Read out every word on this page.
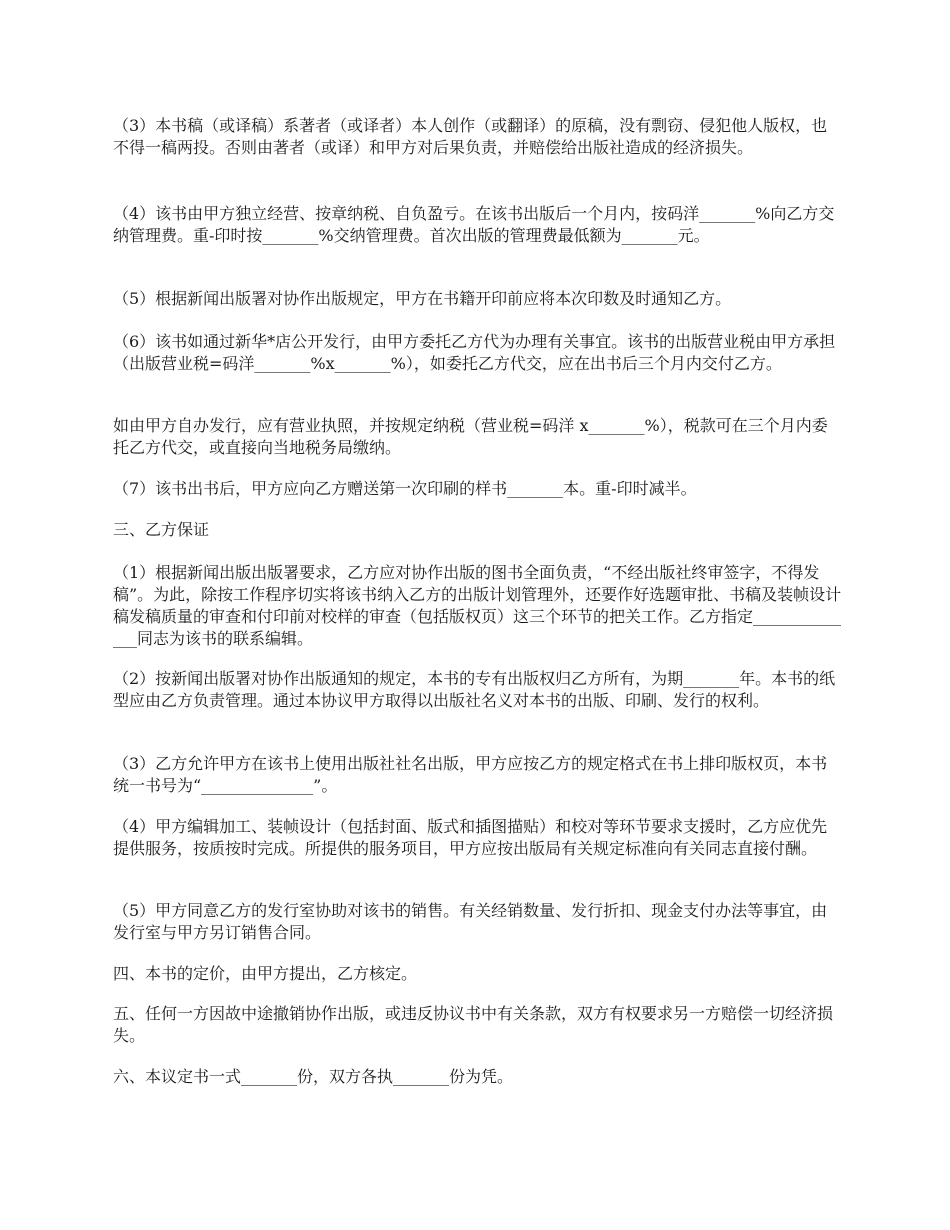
（3）本书稿（或译稿）系著者（或译者）本人创作（或翻译）的原稿，没有剽窃、侵犯他人版权，也不得一稿两投。否则由著者（或译）和甲方对后果负责，并赔偿给出版社造成的经济损失。

（4）该书由甲方独立经营、按章纳税、自负盈亏。在该书出版后一个月内，按码洋_______%向乙方交纳管理费。重-印时按_______%交纳管理费。首次出版的管理费最低额为_______元。

（5）根据新闻出版署对协作出版规定，甲方在书籍开印前应将本次印数及时通知乙方。

（6）该书如通过新华*店公开发行，由甲方委托乙方代为办理有关事宜。该书的出版营业税由甲方承担（出版营业税=码洋_______%x_______%），如委托乙方代交，应在出书后三个月内交付乙方。

如由甲方自办发行，应有营业执照，并按规定纳税（营业税=码洋 x_______%），税款可在三个月内委托乙方代交，或直接向当地税务局缴纳。

（7）该书出书后，甲方应向乙方赠送第一次印刷的样书_______本。重-印时减半。

三、乙方保证

（1）根据新闻出版出版署要求，乙方应对协作出版的图书全面负责，“不经出版社终审签字，不得发稿”。为此，除按工作程序切实将该书纳入乙方的出版计划管理外，还要作好选题审批、书稿及装帧设计稿发稿质量的审查和付印前对校样的审查（包括版权页）这三个环节的把关工作。乙方指定______________同志为该书的联系编辑。

（2）按新闻出版署对协作出版通知的规定，本书的专有出版权归乙方所有，为期_______年。本书的纸型应由乙方负责管理。通过本协议甲方取得以出版社名义对本书的出版、印刷、发行的权利。

（3）乙方允许甲方在该书上使用出版社社名出版，甲方应按乙方的规定格式在书上排印版权页，本书统一书号为“______________”。

（4）甲方编辑加工、装帧设计（包括封面、版式和插图描贴）和校对等环节要求支援时，乙方应优先提供服务，按质按时完成。所提供的服务项目，甲方应按出版局有关规定标准向有关同志直接付酬。

（5）甲方同意乙方的发行室协助对该书的销售。有关经销数量、发行折扣、现金支付办法等事宜，由发行室与甲方另订销售合同。

四、本书的定价，由甲方提出，乙方核定。

五、任何一方因故中途撤销协作出版，或违反协议书中有关条款，双方有权要求另一方赔偿一切经济损失。

六、本议定书一式_______份，双方各执_______份为凭。
